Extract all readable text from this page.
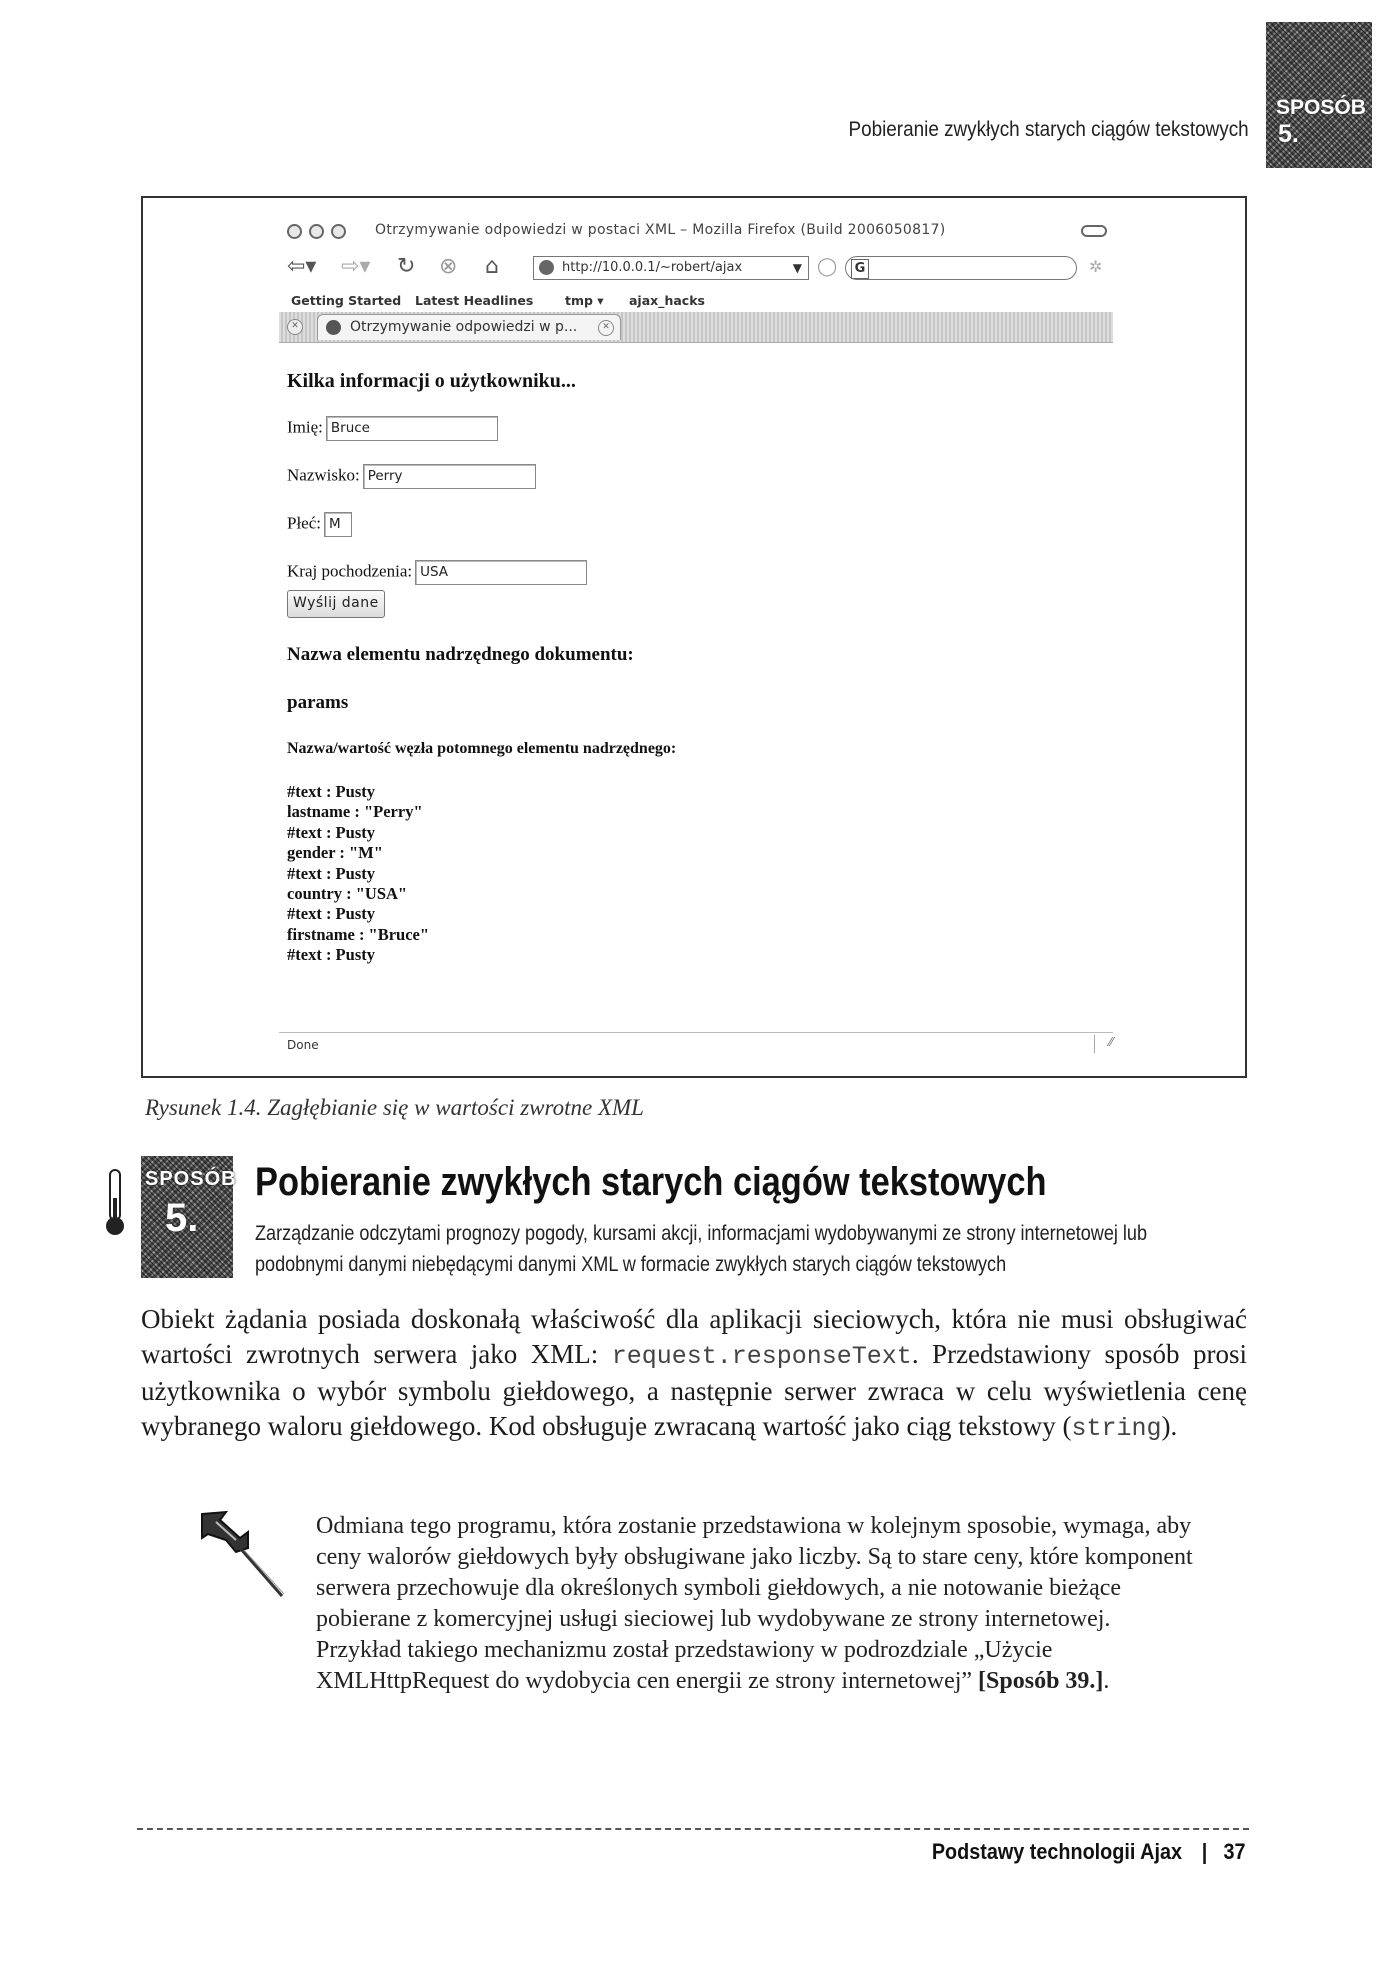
Pobieranie zwykłych starych ciągów tekstowych
SPOSÓB
5.
Otrzymywanie odpowiedzi w postaci XML – Mozilla Firefox (Build 2006050817)
⇦▾ ⇨▾ ↻ ⊗ ⌂	http://10.0.0.1/~robert/ajax	▼ ◯ G	✲
Getting Started Latest Headlines	tmp ▾ ajax_hacks
✕	Otrzymywanie odpowiedzi w p...	✕
Kilka informacji o użytkowniku...
Imię: Bruce
Nazwisko: Perry
Płeć: M
Kraj pochodzenia: USA
Wyślij dane
Nazwa elementu nadrzędnego dokumentu:
params
Nazwa/wartość węzła potomnego elementu nadrzędnego:
#text : Pusty
lastname : "Perry"
#text : Pusty
gender : "M"
#text : Pusty
country : "USA"
#text : Pusty
firstname : "Bruce"
#text : Pusty
Done	⁄⁄
Rysunek 1.4. Zagłębianie się w wartości zwrotne XML
SPOSÓB
5.
Pobieranie zwykłych starych ciągów tekstowych
Zarządzanie odczytami prognozy pogody, kursami akcji, informacjami wydobywanymi ze strony internetowej lub podobnymi danymi niebędącymi danymi XML w formacie zwykłych starych ciągów tekstowych
Obiekt żądania posiada doskonałą właściwość dla aplikacji sieciowych, która nie musi obsługiwać wartości zwrotnych serwera jako XML: request.responseText. Przedstawiony sposób prosi użytkownika o wybór symbolu giełdowego, a następnie serwer zwraca w celu wyświetlenia cenę wybranego waloru giełdowego. Kod obsługuje zwracaną wartość jako ciąg tekstowy (string).
Odmiana tego programu, która zostanie przedstawiona w kolejnym sposobie, wymaga, aby ceny walorów giełdowych były obsługiwane jako liczby. Są to stare ceny, które komponent serwera przechowuje dla określonych symboli giełdowych, a nie notowanie bieżące pobierane z komercyjnej usługi sieciowej lub wydobywane ze strony internetowej. Przykład takiego mechanizmu został przedstawiony w podrozdziale „Użycie XMLHttpRequest do wydobycia cen energii ze strony internetowej” [Sposób 39.].
Podstawy technologii Ajax | 37
